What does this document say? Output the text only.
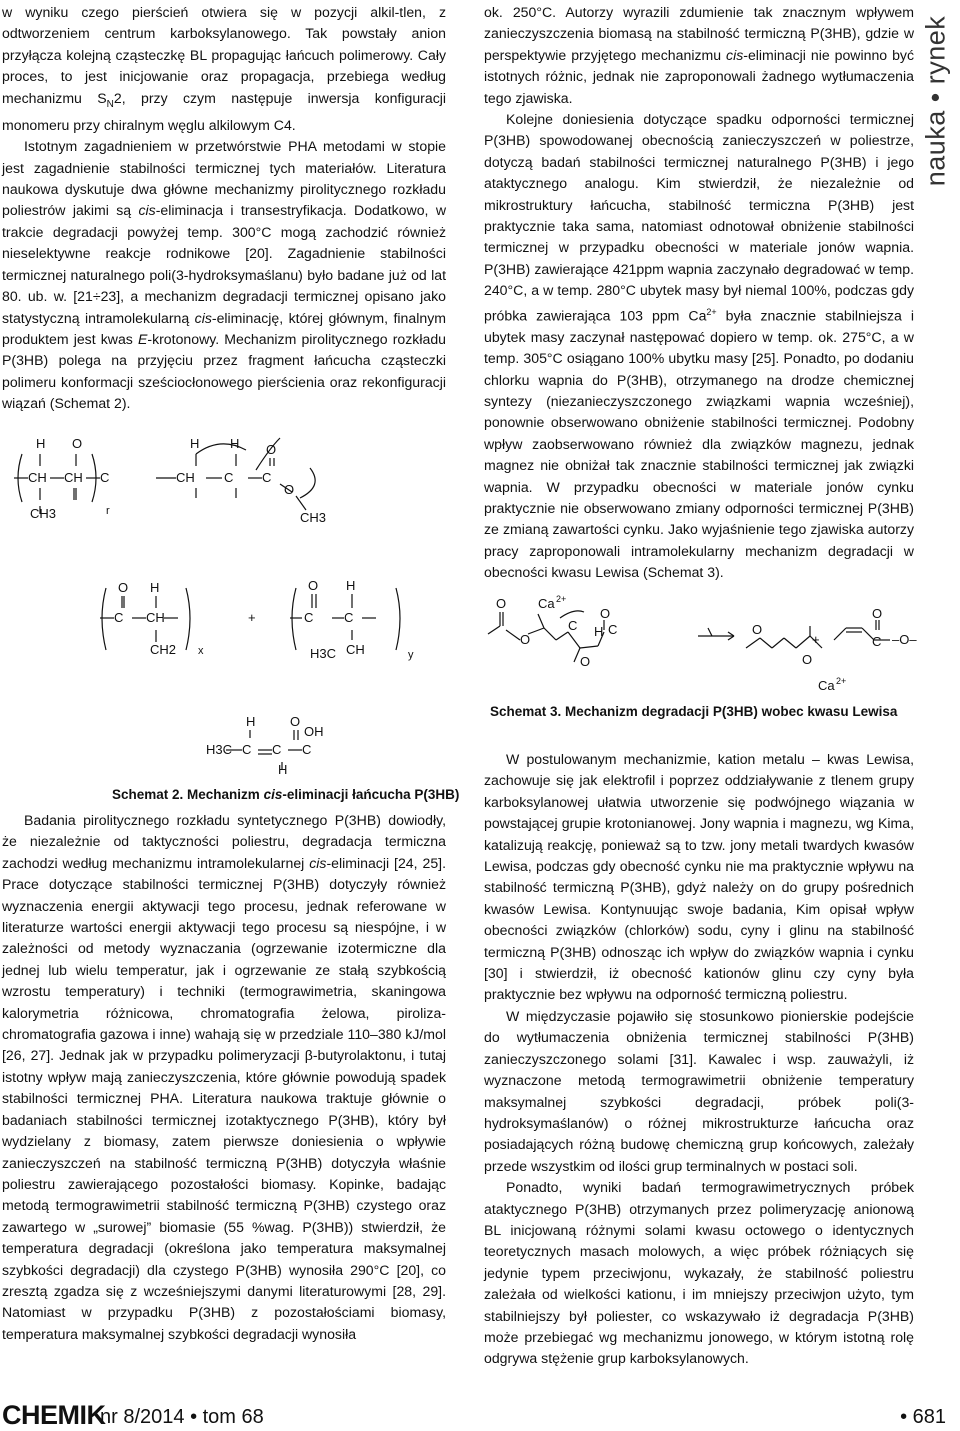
nauka • rynek

w wyniku czego pierścień otwiera się w pozycji alkil-tlen, z odtworzeniem centrum karboksylanowego. Tak powstały anion przyłącza kolejną cząsteczkę BL propagując łańcuch polimerowy. Cały proces, to jest inicjowanie oraz propagacja, przebiega według mechanizmu $S_N2$, przy czym następuje inwersja konfiguracji monomeru przy chiralnym węglu alkilowym C4.

Istotnym zagadnieniem w przetwórstwie PHA metodami w stopie jest zagadnienie stabilności termicznej tych materiałów. Literatura naukowa dyskutuje dwa główne mechanizmy pirolitycznego rozkładu poliestrów jakimi są cis-eliminacja i transestryfikacja. Dodatkowo, w trakcie degradacji powyżej temp. 300°C mogą zachodzić również nieselektywne reakcje rodnikowe [20]. Zagadnienie stabilności termicznej naturalnego poli(3-hydroksymaślanu) było badane już od lat 80. ub. w. [21÷23], a mechanizm degradacji termicznej opisano jako statystyczną intramolekularną cis-eliminację, której głównym, finalnym produktem jest kwas E-krotonowy. Mechanizm pirolitycznego rozkładu P(3HB) polega na przyjęciu przez fragment łańcucha cząsteczki polimeru konformacji sześciocłonowego pierścienia oraz rekonfiguracji wiązań (Schemat 2).

CH CH C
CH3
O
H
r
CH
H
C
H
C
O
O
CH3
C CH
O H
CH2 x
+	C
O
C
H
H3C CH	y
H3C C
H
C C
O
OH
H
Schemat 2. Mechanizm cis-eliminacji łańcucha P(3HB)

Badania pirolitycznego rozkładu syntetycznego P(3HB) dowiodły, że niezależnie od taktyczności poliestru, degradacja termiczna zachodzi według mechanizmu intramolekularnej cis-eliminacji [24, 25]. Prace dotyczące stabilności termicznej P(3HB) dotyczyły również wyznaczenia energii aktywacji tego procesu, jednak referowane w literaturze wartości energii aktywacji tego procesu są niespójne, i w zależności od metody wyznaczania (ogrzewanie izotermiczne dla jednej lub wielu temperatur, jak i ogrzewanie ze stałą szybkością wzrostu temperatury) i techniki (termograwimetria, skaningowa kalorymetria różnicowa, chromatografia żelowa, piroliza-chromatografia gazowa i inne) wahają się w przedziale 110–380 kJ/mol [26, 27]. Jednak jak w przypadku polimeryzacji β-butyrolaktonu, i tutaj istotny wpływ mają zanieczyszczenia, które głównie powodują spadek stabilności termicznej PHA. Literatura naukowa traktuje głównie o badaniach stabilności termicznej izotaktycznego P(3HB), który był wydzielany z biomasy, zatem pierwsze doniesienia o wpływie zanieczyszczeń na stabilność termiczną P(3HB) dotyczyła właśnie poliestru zawierającego pozostałości biomasy. Kopinke, badając metodą termograwimetrii stabilność termiczną P(3HB) czystego oraz zawartego w „surowej” biomasie (55 %wag. P(3HB)) stwierdził, że temperatura degradacji (określona jako temperatura maksymalnej szybkości degradacji) dla czystego P(3HB) wynosiła 290°C [20], co zresztą zgadza się z wcześniejszymi danymi literaturowymi [28, 29]. Natomiast w przypadku P(3HB) z pozostałościami biomasy, temperatura maksymalnej szybkości degradacji wynosiła

ok. 250°C. Autorzy wyrazili zdumienie tak znacznym wpływem zanieczyszczenia biomasą na stabilność termiczną P(3HB), gdzie w perspektywie przyjętego mechanizmu cis-eliminacji nie powinno być istotnych różnic, jednak nie zaproponowali żadnego wytłumaczenia tego zjawiska.

Kolejne doniesienia dotyczące spadku odporności termicznej P(3HB) spowodowanej obecnością zanieczyszczeń w poliestrze, dotyczą badań stabilności termicznej naturalnego P(3HB) i jego ataktycznego analogu. Kim stwierdził, że niezależnie od mikrostruktury łańcucha, stabilność termiczna P(3HB) jest praktycznie taka sama, natomiast odnotował obniżenie stabilności termicznej w przypadku obecności w materiale jonów wapnia. P(3HB) zawierające 421ppm wapnia zaczynało degradować w temp. 240°C, a w temp. 280°C ubytek masy był niemal 100%, podczas gdy próbka zawierająca 103 ppm $Ca^{2+}$ była znacznie stabilniejsza i ubytek masy zaczynał następować dopiero w temp. ok. 275°C, a w temp. 305°C osiągano 100% ubytku masy [25]. Ponadto, po dodaniu chlorku wapnia do P(3HB), otrzymanego na drodze chemicznej syntezy (niezanieczyszczonego związkami wapnia wcześniej), ponownie obserwowano obniżenie stabilności termicznej. Podobny wpływ zaobserwowano również dla związków magnezu, jednak magnez nie obniżał tak znacznie stabilności termicznej jak związki wapnia. W przypadku obecności w materiale jonów cynku praktycznie nie obserwowano zmiany odporności termicznej P(3HB) ze zmianą zawartości cynku. Jako wyjaśnienie tego zjawiska autorzy pracy zaproponowali intramolekularny mechanizm degradacji w obecności kwasu Lewisa (Schemat 3).

Ca 2+
O
O
O
C H C
O
O
O
+	C –O–
O
Ca 2+
Schemat 3. Mechanizm degradacji P(3HB) wobec kwasu Lewisa

W postulowanym mechanizmie, kation metalu – kwas Lewisa, zachowuje się jak elektrofil i poprzez oddziaływanie z tlenem grupy karboksylanowej ułatwia utworzenie się podwójnego wiązania w powstającej grupie krotonianowej. Jony wapnia i magnezu, wg Kima, katalizują reakcję, ponieważ są to tzw. jony metali twardych kwasów Lewisa, podczas gdy obecność cynku nie ma praktycznie wpływu na stabilność termiczną P(3HB), gdyż należy on do grupy pośrednich kwasów Lewisa. Kontynuując swoje badania, Kim opisał wpływ obecności związków (chlorków) sodu, cyny i glinu na stabilność termiczną P(3HB) odnosząc ich wpływ do związków wapnia i cynku [30] i stwierdził, iż obecność kationów glinu czy cyny była praktycznie bez wpływu na odporność termiczną poliestru.

W międzyczasie pojawiło się stosunkowo pionierskie podejście do wytłumaczenia obniżenia termicznej stabilności P(3HB) zanieczyszczonego solami [31]. Kawalec i wsp. zauważyli, iż wyznaczone metodą termograwimetrii obniżenie temperatury maksymalnej szybkości degradacji, próbek poli(3-hydroksymaślanów) o różnej mikrostrukturze łańcucha oraz posiadających różną budowę chemiczną grup końcowych, zależały przede wszystkim od ilości grup terminalnych w postaci soli.

Ponadto, wyniki badań termograwimetrycznych próbek ataktycznego P(3HB) otrzymanych przez polimeryzację anionową BL inicjowaną różnymi solami kwasu octowego o identycznych teoretycznych masach molowych, a więc próbek różniących się jedynie typem przeciwjonu, wykazały, że stabilność poliestru zależała od wielkości kationu, i im mniejszy przeciwjon użyto, tym stabilniejszy był poliester, co wskazywało iż degradacja P(3HB) może przebiegać wg mechanizmu jonowego, w którym istotną rolę odgrywa stężenie grup karboksylanowych.

CHEMIK
nr 8/2014 • tom 68	• 681
